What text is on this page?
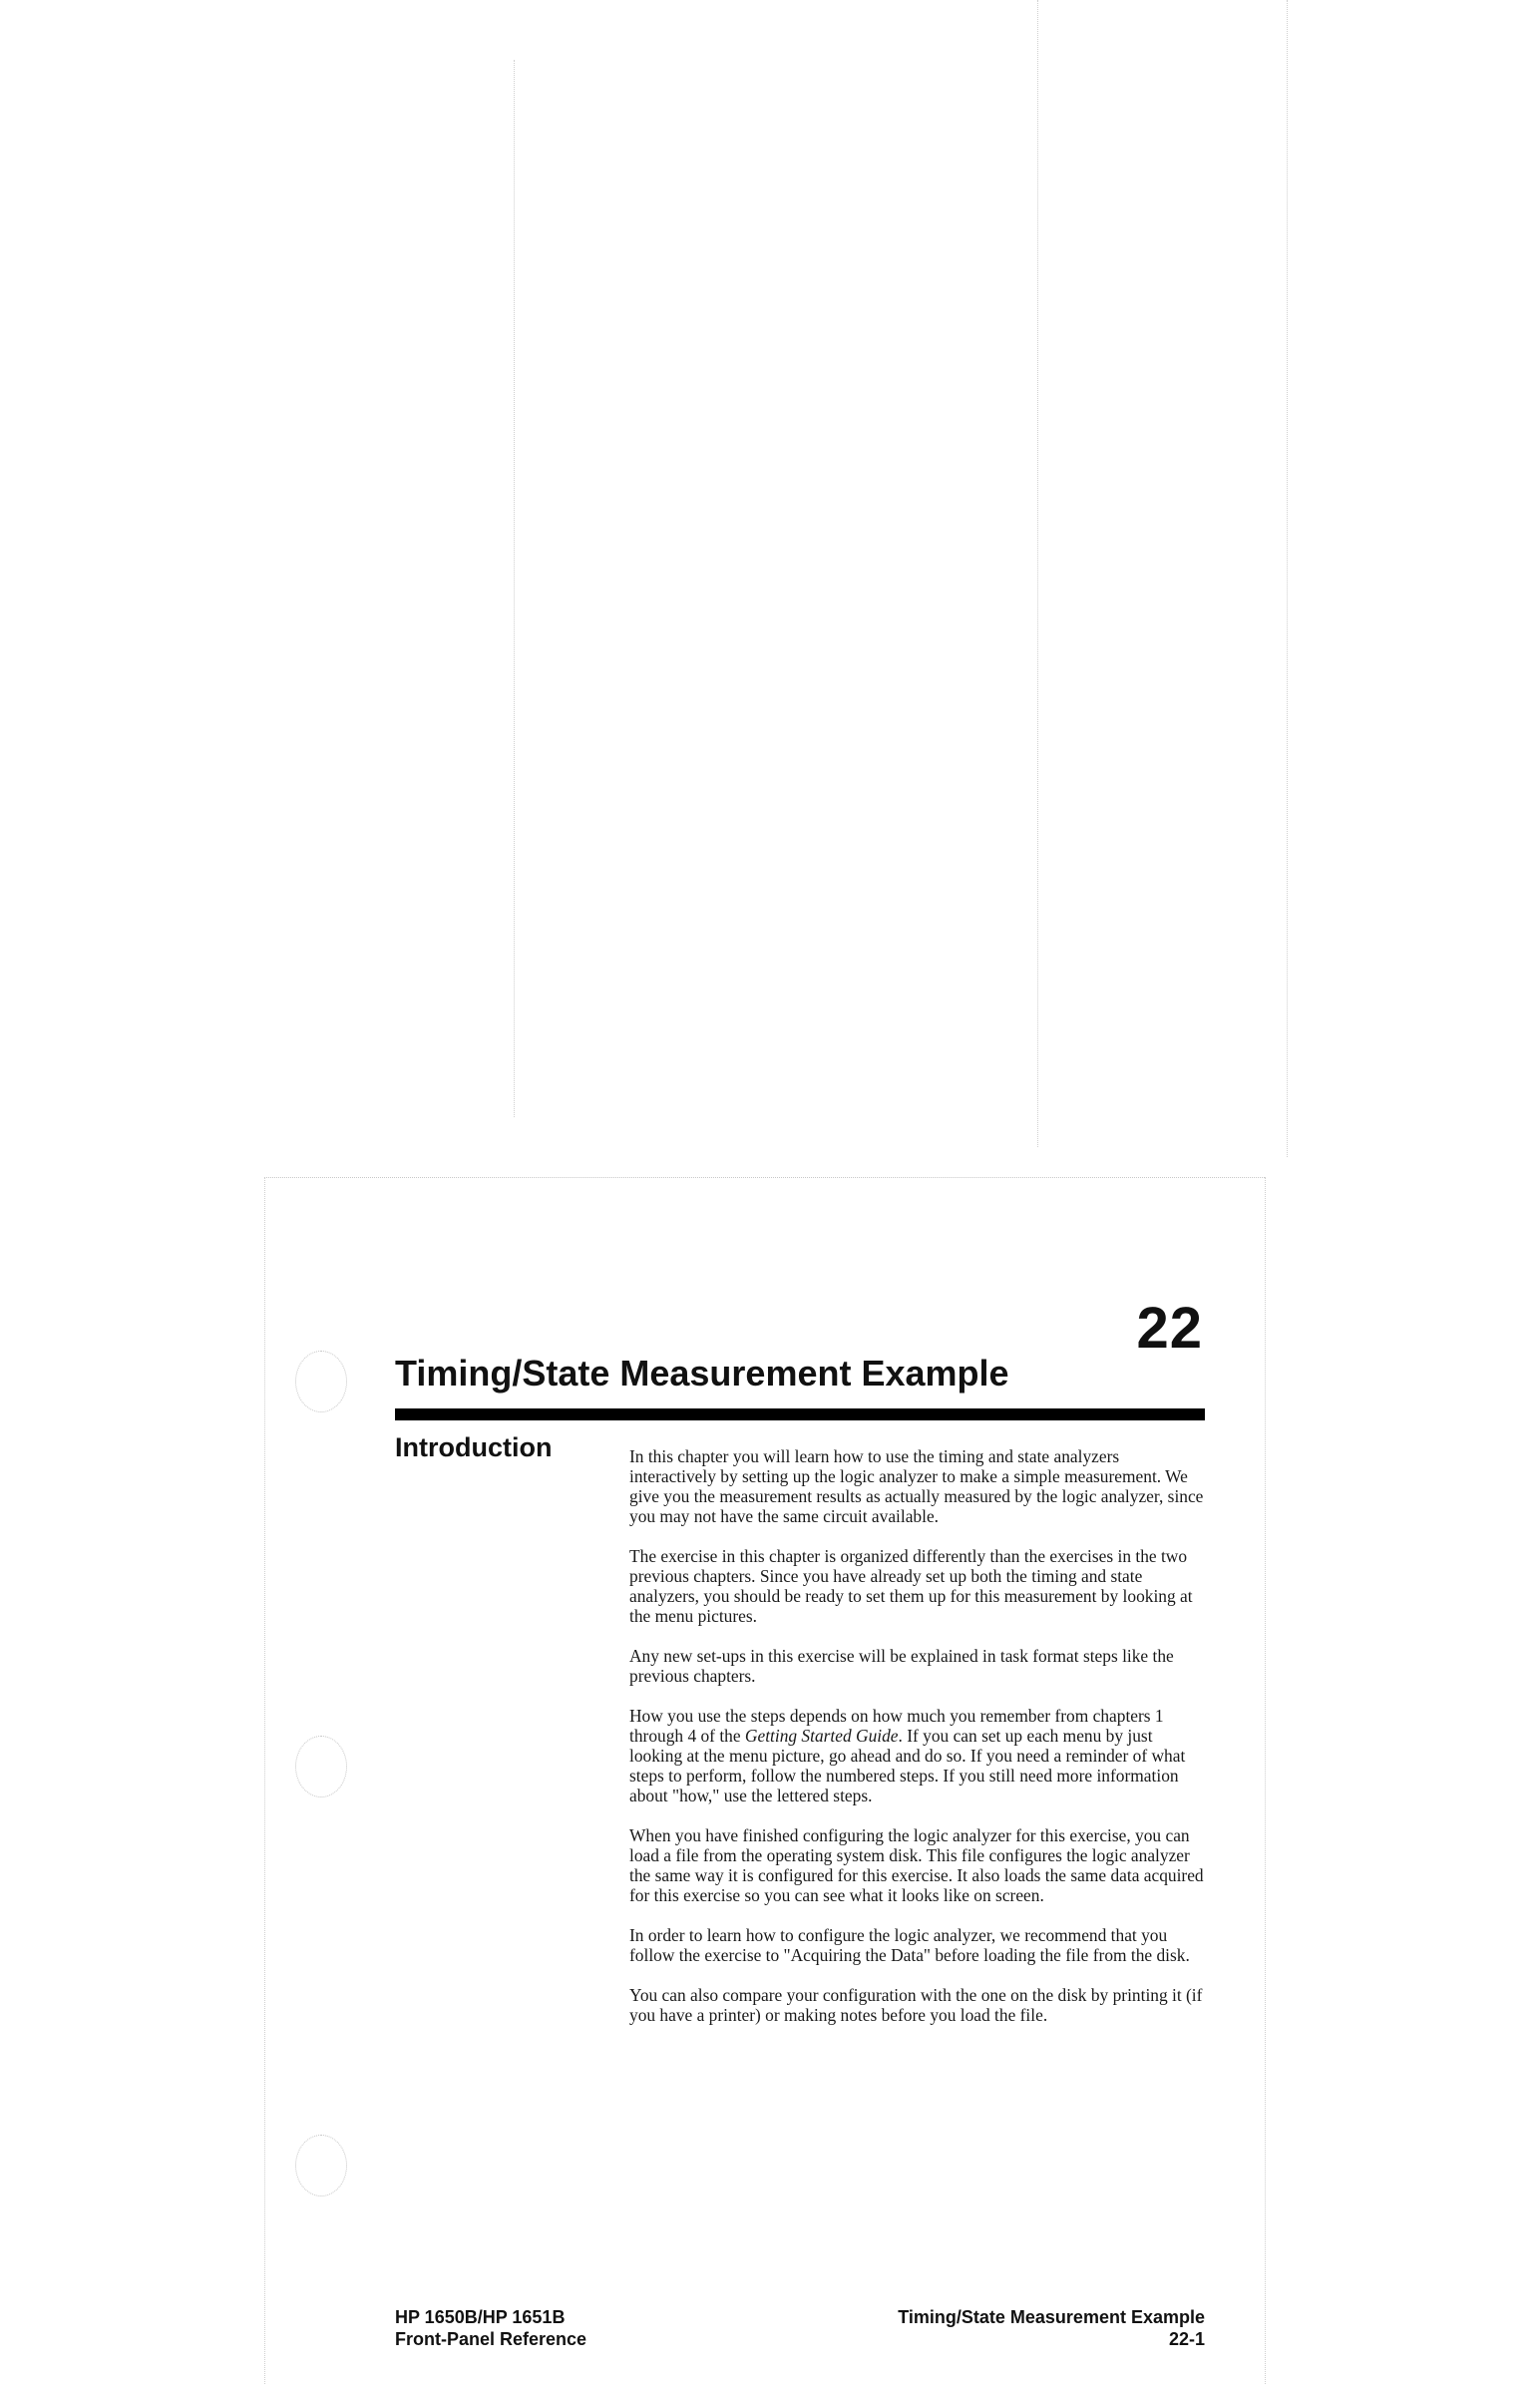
22
Timing/State Measurement Example
Introduction	In this chapter you will learn how to use the timing and state analyzers interactively by setting up the logic analyzer to make a simple measurement. We give you the measurement results as actually measured by the logic analyzer, since you may not have the same circuit available.

The exercise in this chapter is organized differently than the exercises in the two previous chapters. Since you have already set up both the timing and state analyzers, you should be ready to set them up for this measurement by looking at the menu pictures.

Any new set-ups in this exercise will be explained in task format steps like the previous chapters.

How you use the steps depends on how much you remember from chapters 1 through 4 of the Getting Started Guide. If you can set up each menu by just looking at the menu picture, go ahead and do so. If you need a reminder of what steps to perform, follow the numbered steps. If you still need more information about "how," use the lettered steps.

When you have finished configuring the logic analyzer for this exercise, you can load a file from the operating system disk. This file configures the logic analyzer the same way it is configured for this exercise. It also loads the same data acquired for this exercise so you can see what it looks like on screen.

In order to learn how to configure the logic analyzer, we recommend that you follow the exercise to "Acquiring the Data" before loading the file from the disk.

You can also compare your configuration with the one on the disk by printing it (if you have a printer) or making notes before you load the file.

HP 1650B/HP 1651B
Front-Panel Reference
Timing/State Measurement Example
22-1
